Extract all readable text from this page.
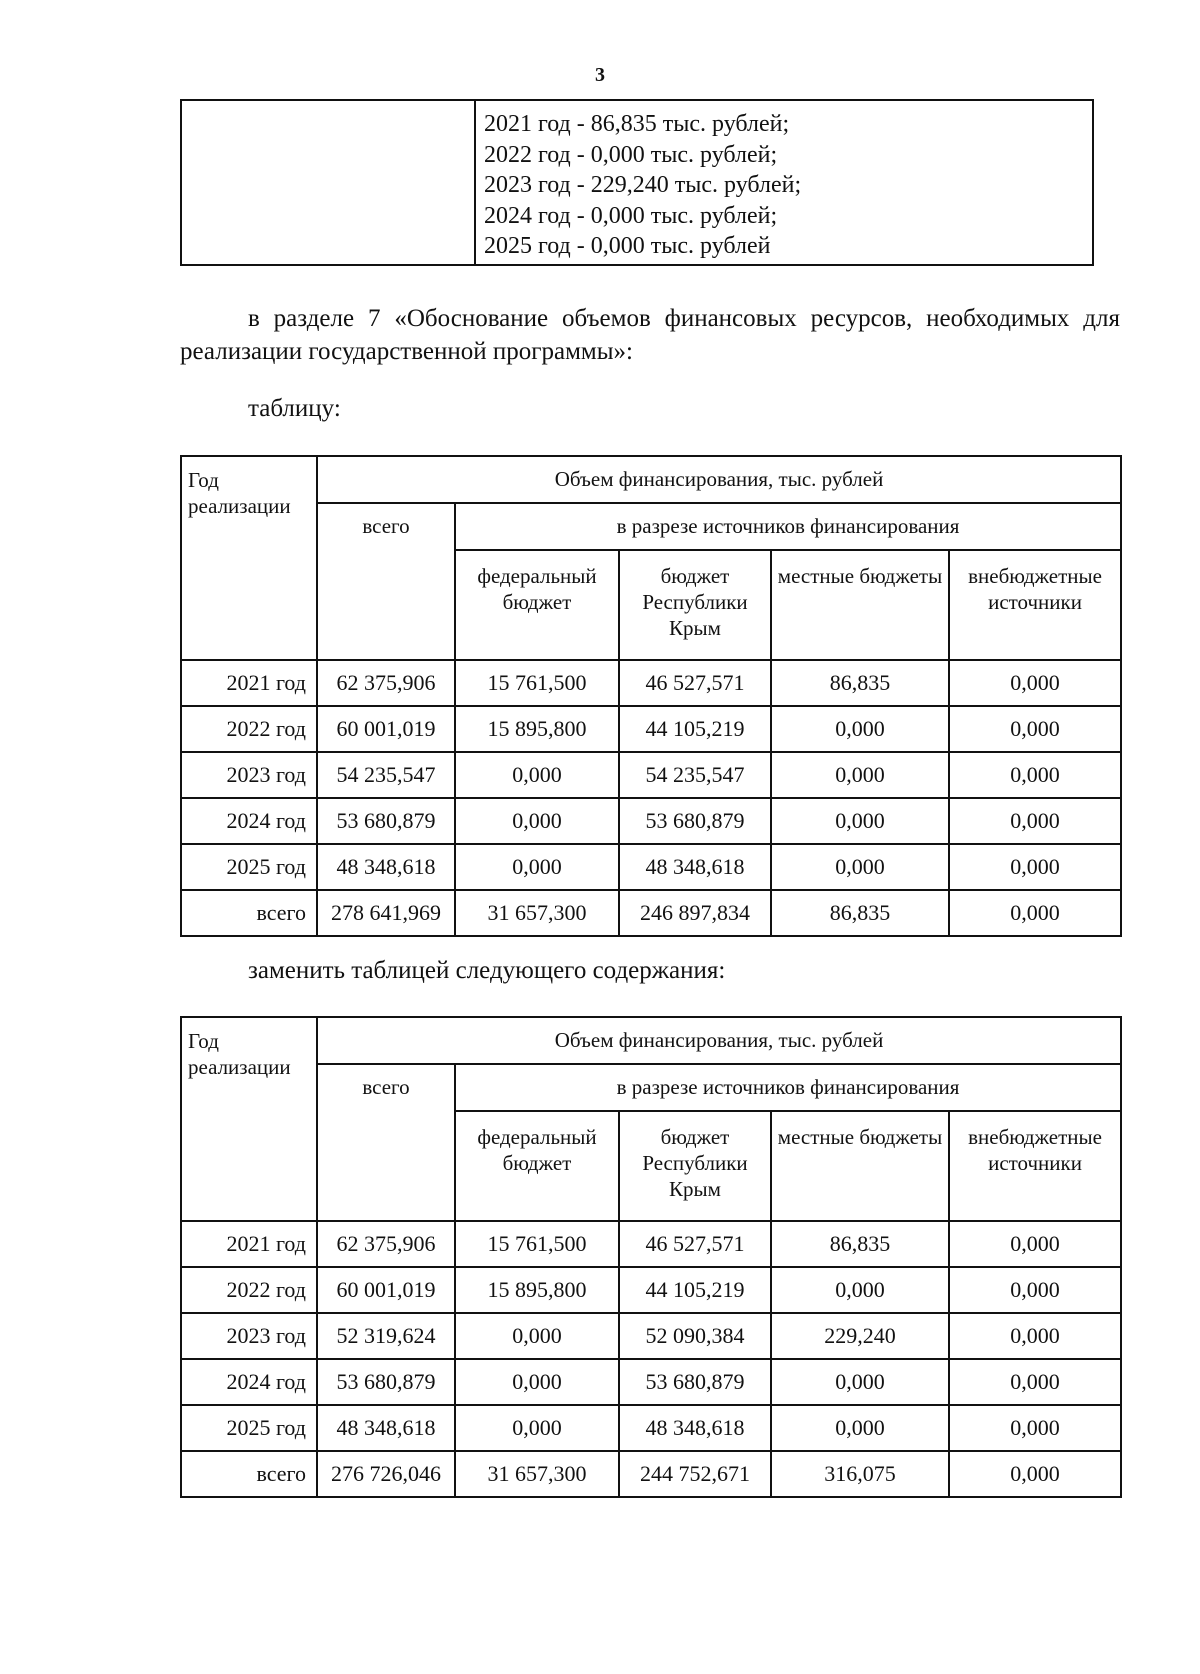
3
2021 год - 86,835 тыс. рублей;
2022 год - 0,000 тыс. рублей;
2023 год - 229,240 тыс. рублей;
2024 год - 0,000 тыс. рублей;
2025 год - 0,000 тыс. рублей
в разделе 7 «Обоснование объемов финансовых ресурсов, необходимых для реализации государственной программы»:
таблицу:
Год реализации	Объем финансирования, тыс. рублей				
	всего	в разрезе источников финансирования			
		федеральный бюджет	бюджет Республики Крым	местные бюджеты	внебюджетные источники
2021 год	62 375,906	15 761,500	46 527,571	86,835	0,000
2022 год	60 001,019	15 895,800	44 105,219	0,000	0,000
2023 год	54 235,547	0,000	54 235,547	0,000	0,000
2024 год	53 680,879	0,000	53 680,879	0,000	0,000
2025 год	48 348,618	0,000	48 348,618	0,000	0,000
всего	278 641,969	31 657,300	246 897,834	86,835	0,000
заменить таблицей следующего содержания:
Год реализации	Объем финансирования, тыс. рублей				
	всего	в разрезе источников финансирования			
		федеральный бюджет	бюджет Республики Крым	местные бюджеты	внебюджетные источники
2021 год	62 375,906	15 761,500	46 527,571	86,835	0,000
2022 год	60 001,019	15 895,800	44 105,219	0,000	0,000
2023 год	52 319,624	0,000	52 090,384	229,240	0,000
2024 год	53 680,879	0,000	53 680,879	0,000	0,000
2025 год	48 348,618	0,000	48 348,618	0,000	0,000
всего	276 726,046	31 657,300	244 752,671	316,075	0,000
